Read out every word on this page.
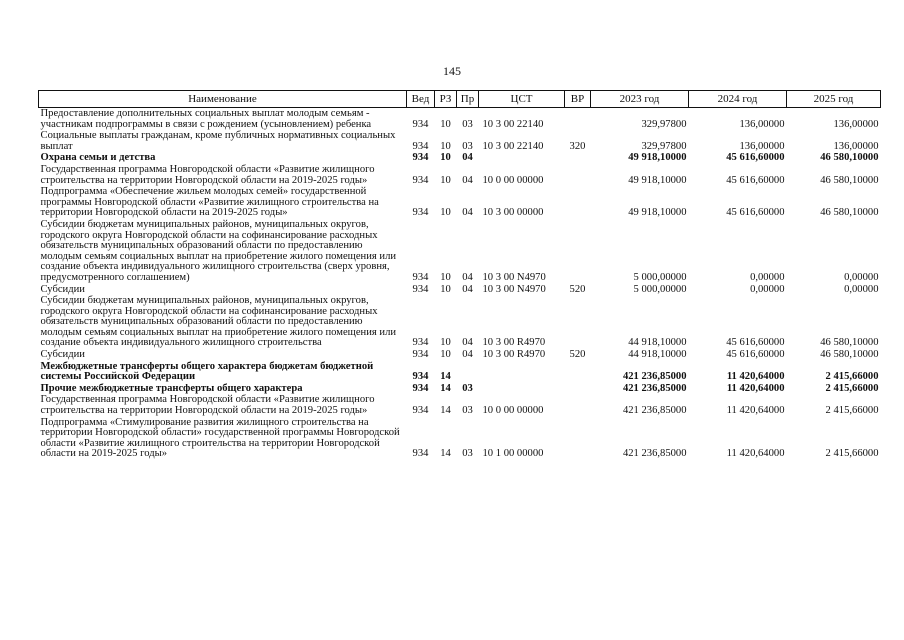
145
Наименование	Вед	РЗ	Пр	ЦСТ	ВР	2023 год	2024 год	2025 год
Предоставление дополнительных социальных выплат молодым семьям - участникам подпрограммы в связи с рождением (усыновлением) ребенка	934	10	03	10 3 00 22140		329,97800	136,00000	136,00000
Социальные выплаты гражданам, кроме публичных нормативных социальных выплат	934	10	03	10 3 00 22140	320	329,97800	136,00000	136,00000
Охрана семьи и детства	934	10	04			49 918,10000	45 616,60000	46 580,10000
Государственная программа Новгородской области «Развитие жилищного строительства на территории Новгородской области на 2019-2025 годы»	934	10	04	10 0 00 00000		49 918,10000	45 616,60000	46 580,10000
Подпрограмма «Обеспечение жильем молодых семей» государственной программы Новгородской области «Развитие жилищного строительства на территории Новгородской области на 2019-2025 годы»	934	10	04	10 3 00 00000		49 918,10000	45 616,60000	46 580,10000
Субсидии бюджетам муниципальных районов, муниципальных округов, городского округа Новгородской области на софинансирование расходных обязательств муниципальных образований области по предоставлению молодым семьям социальных выплат на приобретение жилого помещения или создание объекта индивидуального жилищного строительства (сверх уровня, предусмотренного соглашением)	934	10	04	10 3 00 N4970		5 000,00000	0,00000	0,00000
Субсидии	934	10	04	10 3 00 N4970	520	5 000,00000	0,00000	0,00000
Субсидии бюджетам муниципальных районов, муниципальных округов, городского округа Новгородской области на софинансирование расходных обязательств муниципальных образований области по предоставлению молодым семьям социальных выплат на приобретение жилого помещения или создание объекта индивидуального жилищного строительства	934	10	04	10 3 00 R4970		44 918,10000	45 616,60000	46 580,10000
Субсидии	934	10	04	10 3 00 R4970	520	44 918,10000	45 616,60000	46 580,10000
Межбюджетные трансферты общего характера бюджетам бюджетной системы Российской Федерации	934	14				421 236,85000	11 420,64000	2 415,66000
Прочие межбюджетные трансферты общего характера	934	14	03			421 236,85000	11 420,64000	2 415,66000
Государственная программа Новгородской области «Развитие жилищного строительства на территории Новгородской области на 2019-2025 годы»	934	14	03	10 0 00 00000		421 236,85000	11 420,64000	2 415,66000
Подпрограмма «Стимулирование развития жилищного строительства на территории Новгородской области» государственной программы Новгородской области «Развитие жилищного строительства на территории Новгородской области на 2019-2025 годы»	934	14	03	10 1 00 00000		421 236,85000	11 420,64000	2 415,66000
